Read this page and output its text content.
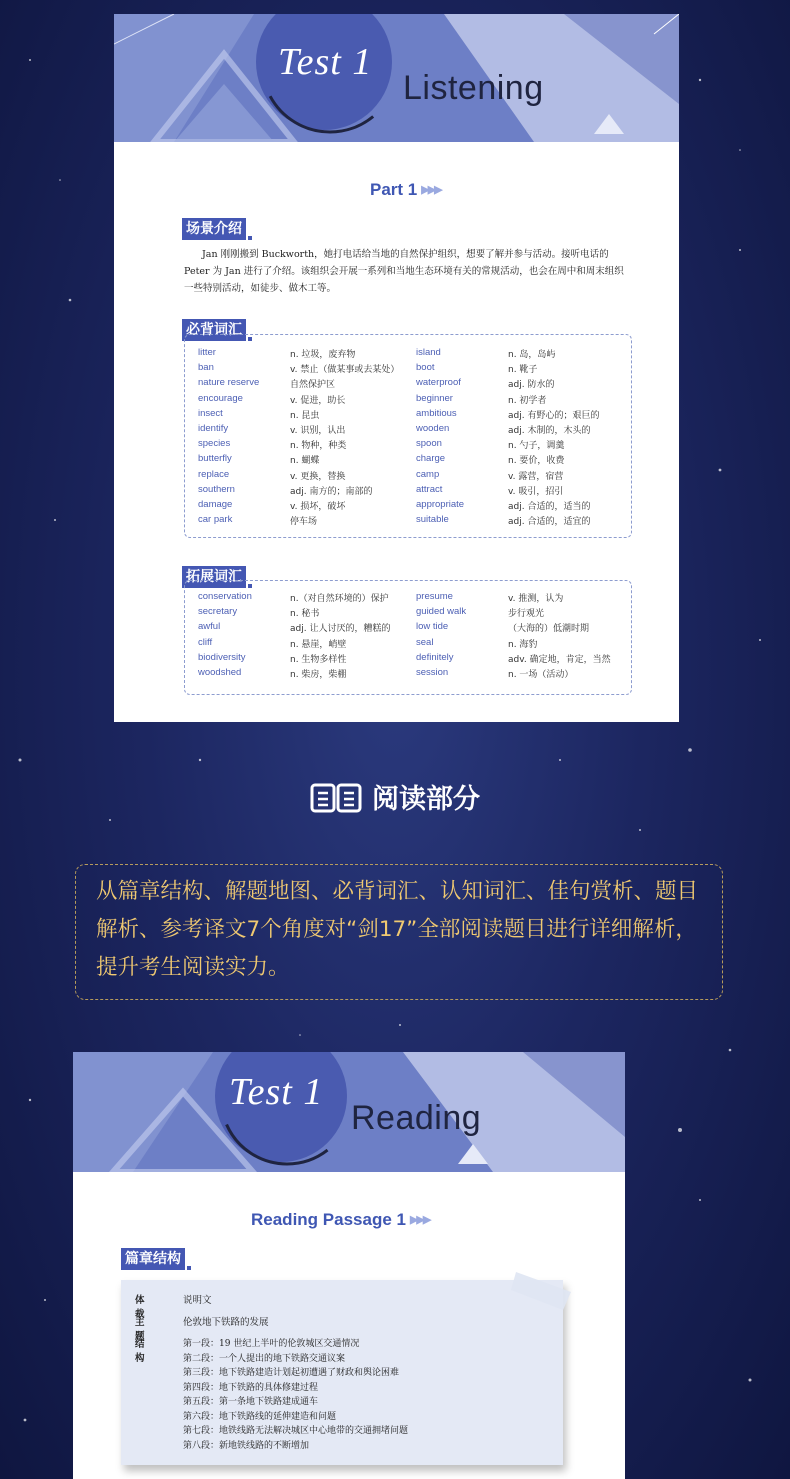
Test 1
Listening
Part 1 ▶▶▶
场景介绍

Jan 刚刚搬到 Buckworth，她打电话给当地的自然保护组织，想要了解并参与活动。接听电话的 Peter 为 Jan 进行了介绍。该组织会开展一系列和当地生态环境有关的常规活动，也会在周中和周末组织一些特别活动，如徒步、做木工等。

必背词汇
litter	n. 垃圾，废弃物	island	n. 岛，岛屿
ban	v. 禁止（做某事或去某处） boot	n. 靴子
nature reserve	自然保护区	waterproof	adj. 防水的
encourage	v. 促进，助长	beginner	n. 初学者
insect	n. 昆虫	ambitious	adj. 有野心的；艰巨的
identify	v. 识别，认出	wooden	adj. 木制的，木头的
species	n. 物种，种类	spoon	n. 勺子，调羹
butterfly	n. 蝴蝶	charge	n. 要价，收费
replace	v. 更换，替换	camp	v. 露营，宿营
southern	adj. 南方的；南部的	attract	v. 吸引，招引
damage	v. 损坏，破坏	appropriate	adj. 合适的，适当的
car park	停车场	suitable	adj. 合适的，适宜的
拓展词汇
conservation	n.（对自然环境的）保护	presume	v. 推测，认为
secretary	n. 秘书	guided walk	步行观光
awful	adj. 让人讨厌的，糟糕的	low tide	（大海的）低潮时期
cliff	n. 悬崖，峭壁	seal	n. 海豹
biodiversity	n. 生物多样性	definitely	adv. 确定地，肯定，当然
woodshed	n. 柴房，柴棚	session	n. 一场（活动）
阅读部分

从篇章结构、解题地图、必背词汇、认知词汇、佳句赏析、题目解析、参考译文7个角度对“剑17”全部阅读题目进行详细解析，提升考生阅读实力。

Test 1
Reading
Reading Passage 1 ▶▶▶
篇章结构
体裁
说明文
主题
伦敦地下铁路的发展
结构
第一段：19 世纪上半叶的伦敦城区交通情况
第二段：一个人提出的地下铁路交通议案
第三段：地下铁路建造计划起初遭遇了财政和舆论困难
第四段：地下铁路的具体修建过程
第五段：第一条地下铁路建成通车
第六段：地下铁路线的延伸建造和问题
第七段：地铁线路无法解决城区中心地带的交通拥堵问题
第八段：新地铁线路的不断增加
